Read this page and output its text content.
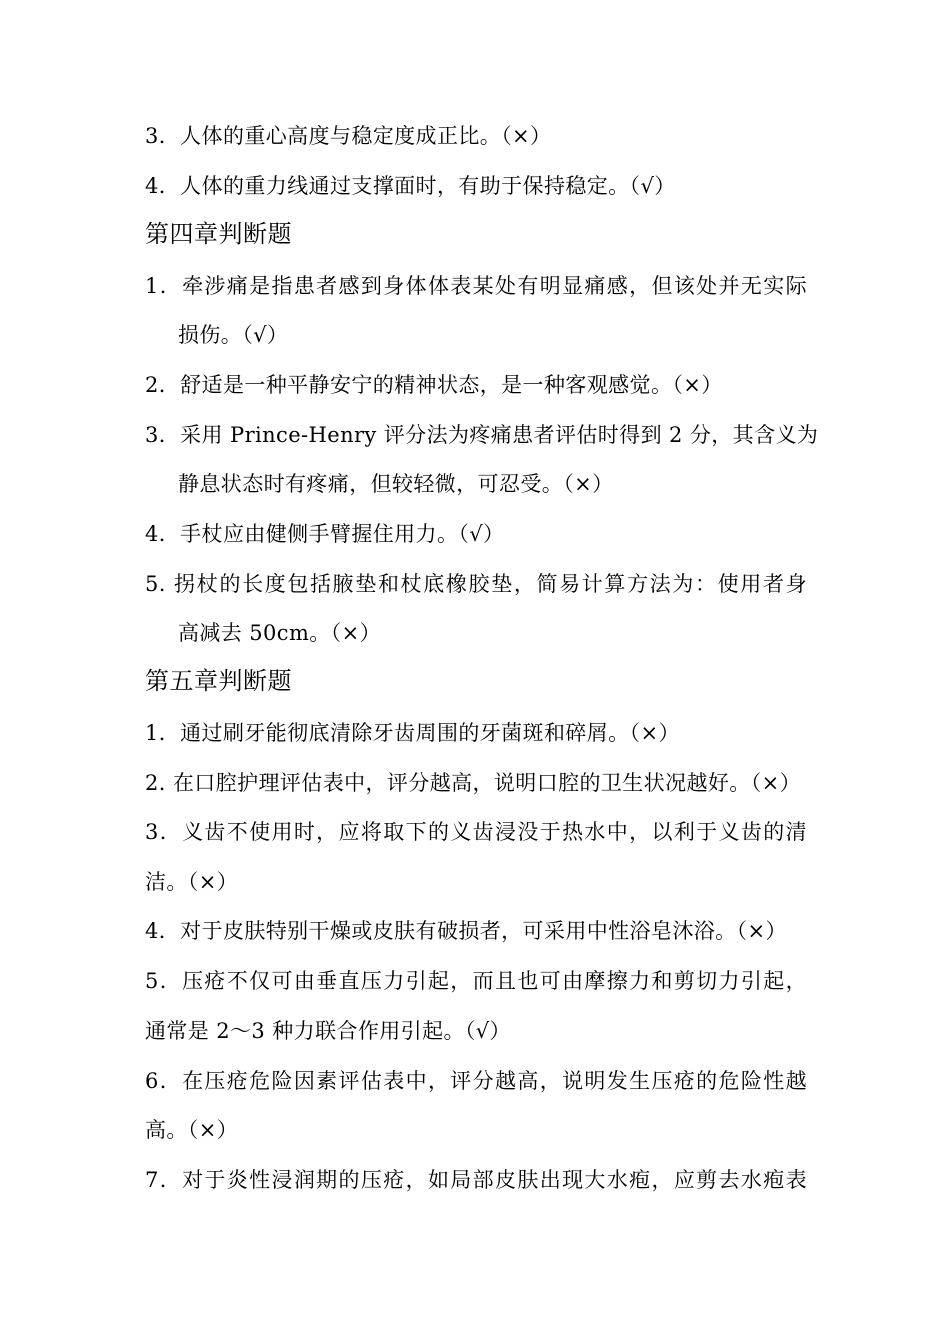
3．人体的重心高度与稳定度成正比。（×）
4．人体的重力线通过支撑面时，有助于保持稳定。（√）
第四章判断题
1．牵涉痛是指患者感到身体体表某处有明显痛感，但该处并无实际
损伤。（√）
2．舒适是一种平静安宁的精神状态，是一种客观感觉。（×）
3．采用 Prince-Henry 评分法为疼痛患者评估时得到 2 分，其含义为
静息状态时有疼痛，但较轻微，可忍受。（×）
4．手杖应由健侧手臂握住用力。（√）
5. 拐杖的长度包括腋垫和杖底橡胶垫，简易计算方法为：使用者身
高减去 50cm。（×）
第五章判断题
1．通过刷牙能彻底清除牙齿周围的牙菌斑和碎屑。（×）
2. 在口腔护理评估表中，评分越高，说明口腔的卫生状况越好。（×）
3．义齿不使用时，应将取下的义齿浸没于热水中，以利于义齿的清
洁。（×）
4．对于皮肤特别干燥或皮肤有破损者，可采用中性浴皂沐浴。（×）
5．压疮不仅可由垂直压力引起，而且也可由摩擦力和剪切力引起，
通常是 2～3 种力联合作用引起。（√）
6．在压疮危险因素评估表中，评分越高，说明发生压疮的危险性越
高。（×）
7．对于炎性浸润期的压疮，如局部皮肤出现大水疱，应剪去水疱表
